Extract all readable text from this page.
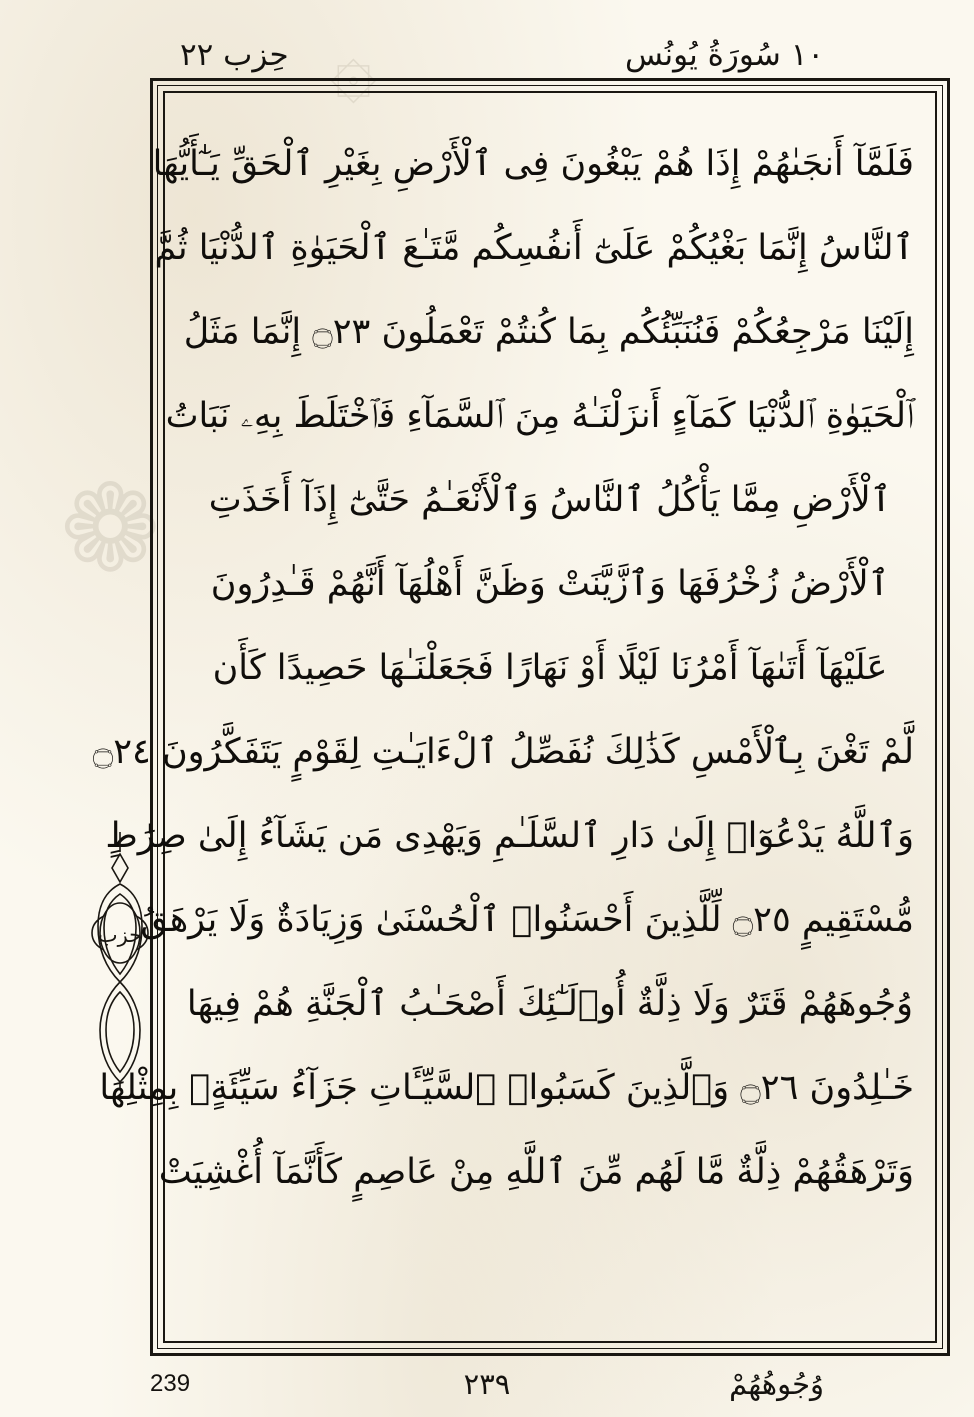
❁
۞	١٠ سُورَةُ يُونُس
حِزب ٢٢
فَلَمَّآ أَنجَىٰهُمْ إِذَا هُمْ يَبْغُونَ فِى ٱلْأَرْضِ بِغَيْرِ ٱلْحَقِّ يَـٰٓأَيُّهَا
ٱلنَّاسُ إِنَّمَا بَغْيُكُمْ عَلَىٰٓ أَنفُسِكُم مَّتَـٰعَ ٱلْحَيَوٰةِ ٱلدُّنْيَا ثُمَّ
إِلَيْنَا مَرْجِعُكُمْ فَنُنَبِّئُكُم بِمَا كُنتُمْ تَعْمَلُونَ ۝٢٣ إِنَّمَا مَثَلُ
ٱلْحَيَوٰةِ ٱلدُّنْيَا كَمَآءٍ أَنزَلْنَـٰهُ مِنَ ٱلسَّمَآءِ فَٱخْتَلَطَ بِهِۦ نَبَاتُ
ٱلْأَرْضِ مِمَّا يَأْكُلُ ٱلنَّاسُ وَٱلْأَنْعَـٰمُ حَتَّىٰٓ إِذَآ أَخَذَتِ
ٱلْأَرْضُ زُخْرُفَهَا وَٱزَّيَّنَتْ وَظَنَّ أَهْلُهَآ أَنَّهُمْ قَـٰدِرُونَ
عَلَيْهَآ أَتَىٰهَآ أَمْرُنَا لَيْلًا أَوْ نَهَارًا فَجَعَلْنَـٰهَا حَصِيدًا كَأَن
لَّمْ تَغْنَ بِٱلْأَمْسِ كَذَٰلِكَ نُفَصِّلُ ٱلْءَايَـٰتِ لِقَوْمٍ يَتَفَكَّرُونَ ۝٢٤
وَٱللَّهُ يَدْعُوٓا۟ إِلَىٰ دَارِ ٱلسَّلَـٰمِ وَيَهْدِى مَن يَشَآءُ إِلَىٰ صِرَٰطٍ
مُّسْتَقِيمٍ ۝٢٥ لِّلَّذِينَ أَحْسَنُوا۟ ٱلْحُسْنَىٰ وَزِيَادَةٌ وَلَا يَرْهَقُ
وُجُوهَهُمْ قَتَرٌ وَلَا ذِلَّةٌ أُو۟لَـٰٓئِكَ أَصْحَـٰبُ ٱلْجَنَّةِ هُمْ فِيهَا
خَـٰلِدُونَ ۝٢٦ وَٱلَّذِينَ كَسَبُوا۟ ٱلسَّيِّـَٔاتِ جَزَآءُ سَيِّئَةٍۭ بِمِثْلِهَا
وَتَرْهَقُهُمْ ذِلَّةٌ مَّا لَهُم مِّنَ ٱللَّهِ مِنْ عَاصِمٍ كَأَنَّمَآ أُغْشِيَتْ
حزب
وُجُوهُهُمْ
٢٣٩
239
